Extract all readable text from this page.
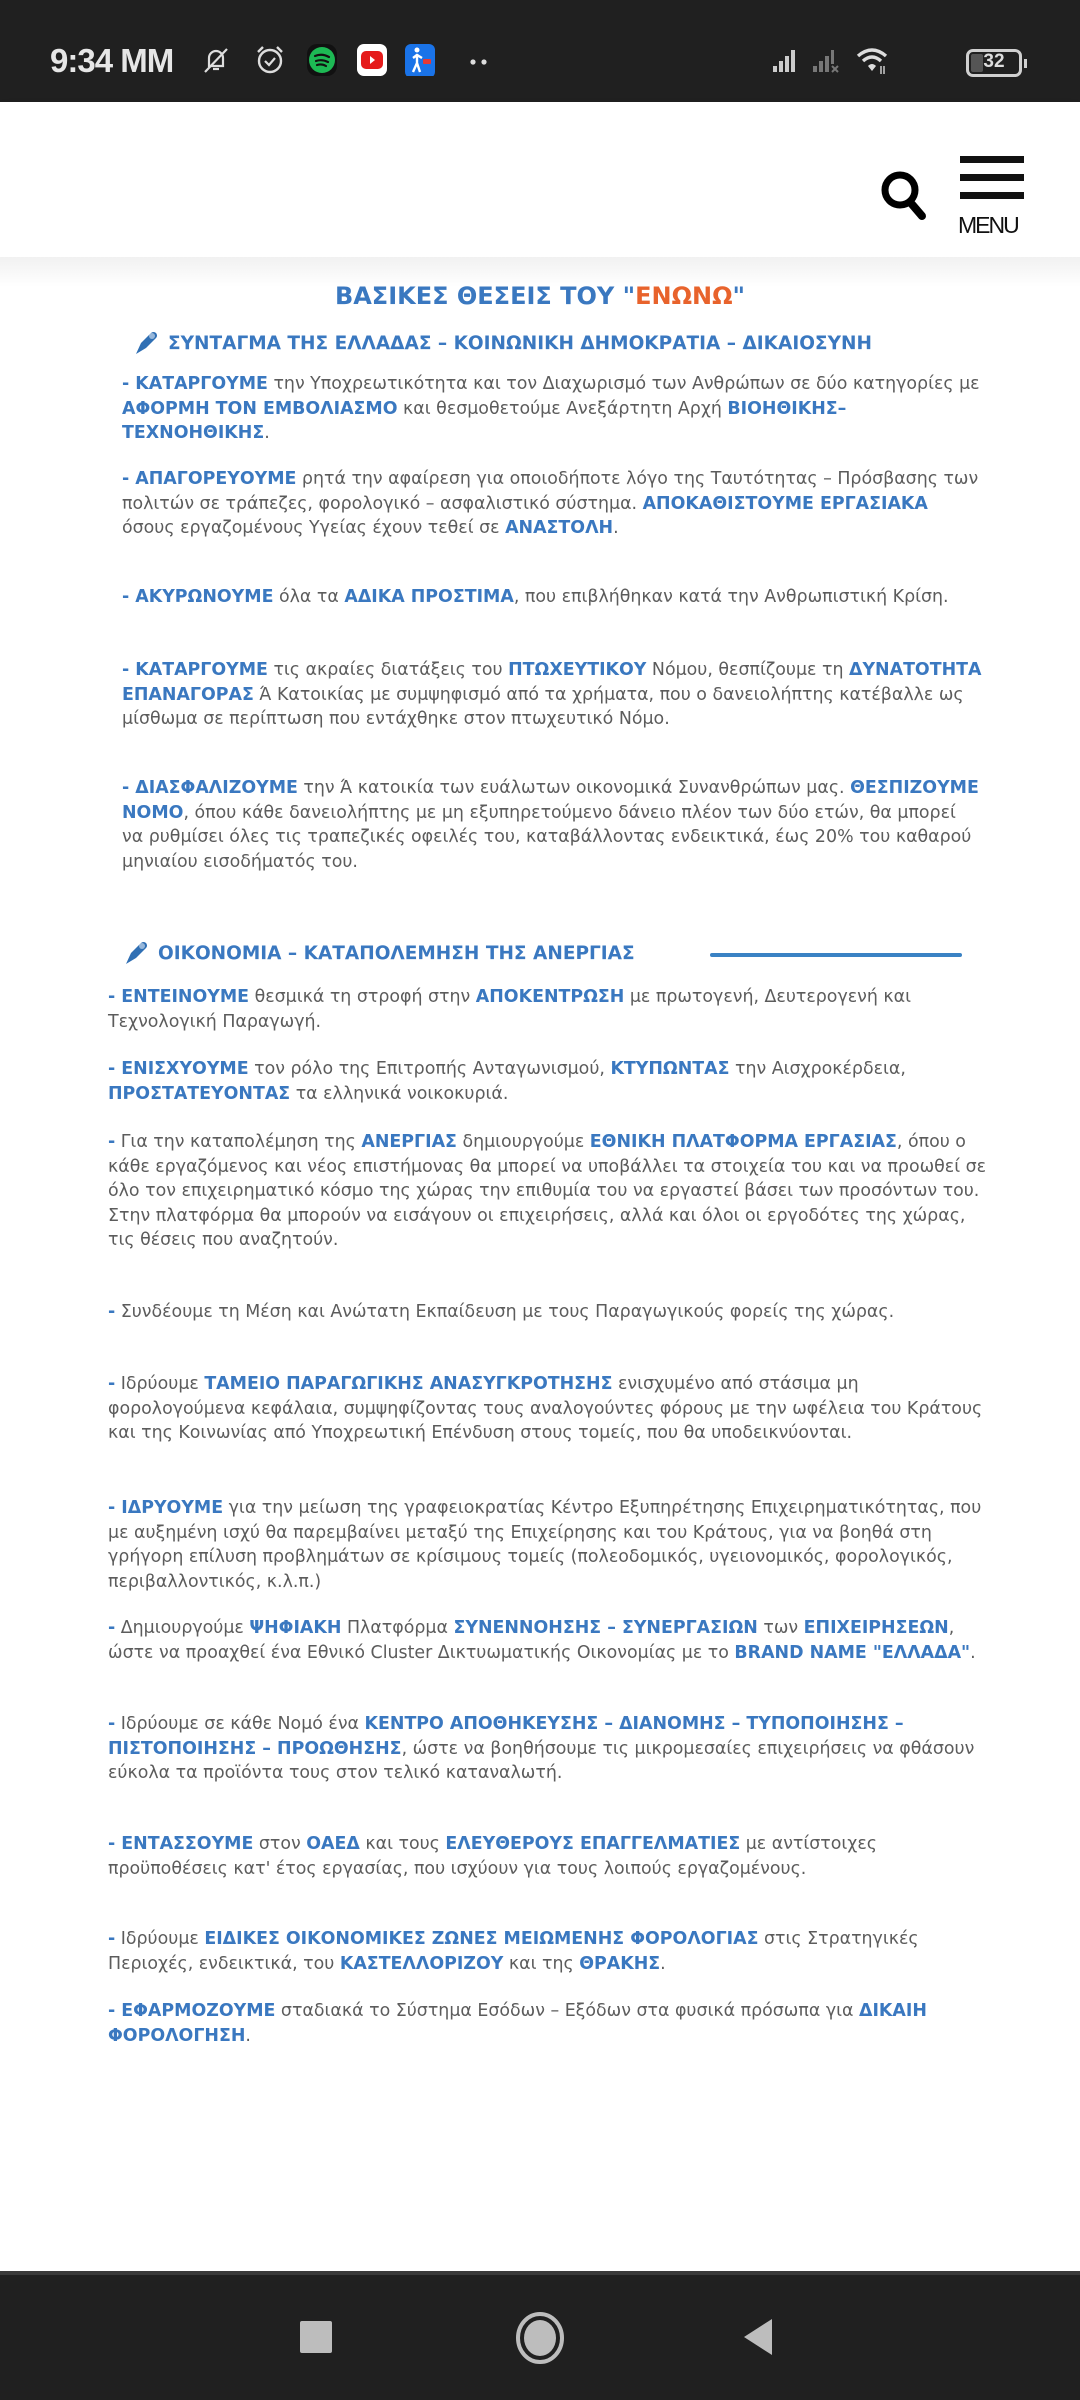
9:34 MM	32
MENU
ΒΑΣΙΚΕΣ ΘΕΣΕΙΣ ΤΟΥ "ΕΝΩΝΩ"
ΣΥΝΤΑΓΜΑ ΤΗΣ ΕΛΛΑΔΑΣ – ΚΟΙΝΩΝΙΚΗ ΔΗΜΟΚΡΑΤΙΑ – ΔΙΚΑΙΟΣΥΝΗ
- ΚΑΤΑΡΓΟΥΜΕ την Υποχρεωτικότητα και τον Διαχωρισμό των Ανθρώπων σε δύο κατηγορίες με ΑΦΟΡΜΗ ΤΟΝ ΕΜΒΟΛΙΑΣΜΟ και θεσμοθετούμε Ανεξάρτητη Αρχή ΒΙΟΗΘΙΚΗΣ–ΤΕΧΝΟΗΘΙΚΗΣ.
- ΑΠΑΓΟΡΕΥΟΥΜΕ ρητά την αφαίρεση για οποιοδήποτε λόγο της Ταυτότητας – Πρόσβασης των πολιτών σε τράπεζες, φορολογικό – ασφαλιστικό σύστημα. ΑΠΟΚΑΘΙΣΤΟΥΜΕ ΕΡΓΑΣΙΑΚΑ όσους εργαζομένους Υγείας έχουν τεθεί σε ΑΝΑΣΤΟΛΗ.
- ΑΚΥΡΩΝΟΥΜΕ όλα τα ΑΔΙΚΑ ΠΡΟΣΤΙΜΑ, που επιβλήθηκαν κατά την Ανθρωπιστική Κρίση.
- ΚΑΤΑΡΓΟΥΜΕ τις ακραίες διατάξεις του ΠΤΩΧΕΥΤΙΚΟΥ Νόμου, θεσπίζουμε τη ΔΥΝΑΤΟΤΗΤΑ ΕΠΑΝΑΓΟΡΑΣ Ά Κατοικίας με συμψηφισμό από τα χρήματα, που ο δανειολήπτης κατέβαλλε ως μίσθωμα σε περίπτωση που εντάχθηκε στον πτωχευτικό Νόμο.
- ΔΙΑΣΦΑΛΙΖΟΥΜΕ την Ά κατοικία των ευάλωτων οικονομικά Συνανθρώπων μας. ΘΕΣΠΙΖΟΥΜΕ ΝΟΜΟ, όπου κάθε δανειολήπτης με μη εξυπηρετούμενο δάνειο πλέον των δύο ετών, θα μπορεί να ρυθμίσει όλες τις τραπεζικές οφειλές του, καταβάλλοντας ενδεικτικά, έως 20% του καθαρού μηνιαίου εισοδήματός του.
ΟΙΚΟΝΟΜΙΑ – ΚΑΤΑΠΟΛΕΜΗΣΗ ΤΗΣ ΑΝΕΡΓΙΑΣ
- ΕΝΤΕΙΝΟΥΜΕ θεσμικά τη στροφή στην ΑΠΟΚΕΝΤΡΩΣΗ με πρωτογενή, Δευτερογενή και Τεχνολογική Παραγωγή.
- ΕΝΙΣΧΥΟΥΜΕ τον ρόλο της Επιτροπής Ανταγωνισμού, ΚΤΥΠΩΝΤΑΣ την Αισχροκέρδεια, ΠΡΟΣΤΑΤΕΥΟΝΤΑΣ τα ελληνικά νοικοκυριά.
- Για την καταπολέμηση της ΑΝΕΡΓΙΑΣ δημιουργούμε ΕΘΝΙΚΗ ΠΛΑΤΦΟΡΜΑ ΕΡΓΑΣΙΑΣ, όπου ο κάθε εργαζόμενος και νέος επιστήμονας θα μπορεί να υποβάλλει τα στοιχεία του και να προωθεί σε όλο τον επιχειρηματικό κόσμο της χώρας την επιθυμία του να εργαστεί βάσει των προσόντων του. Στην πλατφόρμα θα μπορούν να εισάγουν οι επιχειρήσεις, αλλά και όλοι οι εργοδότες της χώρας, τις θέσεις που αναζητούν.
- Συνδέουμε τη Μέση και Ανώτατη Εκπαίδευση με τους Παραγωγικούς φορείς της χώρας.
- Ιδρύουμε ΤΑΜΕΙΟ ΠΑΡΑΓΩΓΙΚΗΣ ΑΝΑΣΥΓΚΡΟΤΗΣΗΣ ενισχυμένο από στάσιμα μη φορολογούμενα κεφάλαια, συμψηφίζοντας τους αναλογούντες φόρους με την ωφέλεια του Κράτους και της Κοινωνίας από Υποχρεωτική Επένδυση στους τομείς, που θα υποδεικνύονται.
- ΙΔΡΥΟΥΜΕ για την μείωση της γραφειοκρατίας Κέντρο Εξυπηρέτησης Επιχειρηματικότητας, που με αυξημένη ισχύ θα παρεμβαίνει μεταξύ της Επιχείρησης και του Κράτους, για να βοηθά στη γρήγορη επίλυση προβλημάτων σε κρίσιμους τομείς (πολεοδομικός, υγειονομικός, φορολογικός, περιβαλλοντικός, κ.λ.π.)
- Δημιουργούμε ΨΗΦΙΑΚΗ Πλατφόρμα ΣΥΝΕΝΝΟΗΣΗΣ – ΣΥΝΕΡΓΑΣΙΩΝ των ΕΠΙΧΕΙΡΗΣΕΩΝ, ώστε να προαχθεί ένα Εθνικό Cluster Δικτυωματικής Οικονομίας με το BRAND NAME "ΕΛΛΑΔΑ".
- Ιδρύουμε σε κάθε Νομό ένα ΚΕΝΤΡΟ ΑΠΟΘΗΚΕΥΣΗΣ – ΔΙΑΝΟΜΗΣ – ΤΥΠΟΠΟΙΗΣΗΣ – ΠΙΣΤΟΠΟΙΗΣΗΣ – ΠΡΟΩΘΗΣΗΣ, ώστε να βοηθήσουμε τις μικρομεσαίες επιχειρήσεις να φθάσουν εύκολα τα προϊόντα τους στον τελικό καταναλωτή.
- ΕΝΤΑΣΣΟΥΜΕ στον ΟΑΕΔ και τους ΕΛΕΥΘΕΡΟΥΣ ΕΠΑΓΓΕΛΜΑΤΙΕΣ με αντίστοιχες προϋποθέσεις κατ' έτος εργασίας, που ισχύουν για τους λοιπούς εργαζομένους.
- Ιδρύουμε ΕΙΔΙΚΕΣ ΟΙΚΟΝΟΜΙΚΕΣ ΖΩΝΕΣ ΜΕΙΩΜΕΝΗΣ ΦΟΡΟΛΟΓΙΑΣ στις Στρατηγικές Περιοχές, ενδεικτικά, του ΚΑΣΤΕΛΛΟΡΙΖΟΥ και της ΘΡΑΚΗΣ.
- ΕΦΑΡΜΟΖΟΥΜΕ σταδιακά το Σύστημα Εσόδων – Εξόδων στα φυσικά πρόσωπα για ΔΙΚΑΙΗ ΦΟΡΟΛΟΓΗΣΗ.
